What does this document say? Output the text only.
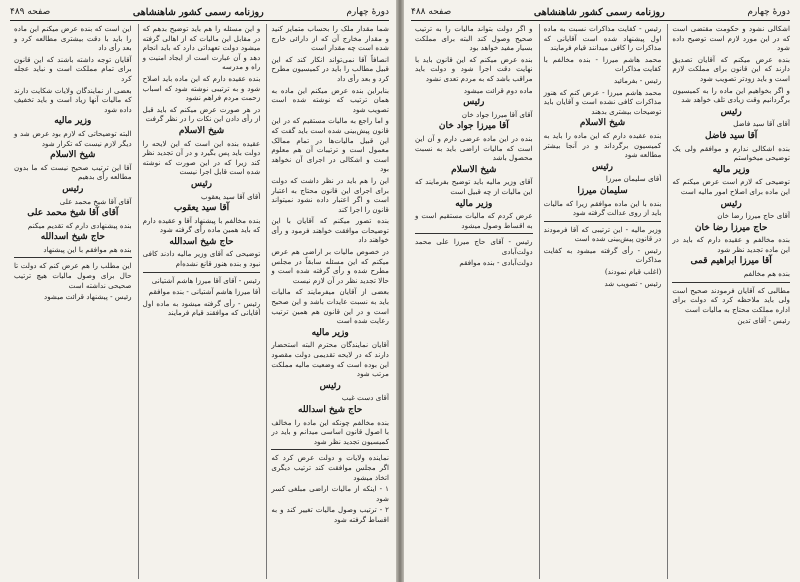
دورهٔ چهارم
روزنامه رسمی کشور شاهنشاهی
صفحه ۴۸۹

شما مقدار ملک را بحساب متمایز کنید و مقدار مخارج آن که از دارائی خارج شده است چه مقدار است

انصافاً آقا نمی‌تواند انکار کند که این قبیل مطالب را باید در کمیسیون مطرح کرد و بعد رأی داد

بنابراین بنده عرض میکنم این ماده به همان ترتیب که نوشته شده است تصویب شود

و اما راجع به مالیات مستقیم که در این قانون پیش‌بینی شده است باید گفت که این قبیل مالیات‌ها در تمام ممالک معمول است و ترتیبات آن هم معلوم است و اشکالی در اجرای آن نخواهد بود

این را هم باید در نظر داشت که دولت برای اجرای این قانون محتاج به اعتبار است و اگر اعتبار داده نشود نمیتواند قانون را اجرا کند

بنده تصور میکنم که آقایان با این توضیحات موافقت خواهند فرمود و رأی خواهند داد

در خصوص مالیات بر اراضی هم عرض میکنم که این مسئله سابقاً در مجلس مطرح شده و رأی گرفته شده است و حالا تجدید نظر در آن لازم نیست

بعضی از آقایان میفرمایند که مالیات باید به نسبت عایدات باشد و این صحیح است و در این قانون هم همین ترتیب رعایت شده است

وزیر مالیه

آقایان نمایندگان محترم البته استحضار دارند که در لایحه تقدیمی دولت مقصود این بوده است که وضعیت مالیه مملکت مرتب شود

رئیس

آقای دست غیب

حاج شیخ اسدالله

بنده مخالفم چونکه این ماده را مخالف با اصول قانون اساسی میدانم و باید در کمیسیون تجدید نظر شود

نماینده ولایات و دولت عرض کرد که اگر مجلس موافقت کند ترتیب دیگری اتخاذ میشود

۱ - اینکه از مالیات اراضی مبلغی کسر شود

۲ - ترتیب وصول مالیات تغییر کند و به اقساط گرفته شود

و این مسئله را هم باید توضیح بدهم که در مقابل این مالیات که از اهالی گرفته میشود دولت تعهداتی دارد که باید انجام دهد و آن عبارت است از ایجاد امنیت و راه و مدرسه

بنده عقیده دارم که این ماده باید اصلاح شود و به ترتیبی نوشته شود که اسباب زحمت مردم فراهم نشود

در هر صورت عرض میکنم که باید قبل از رأی دادن این نکات را در نظر گرفت

شیخ الاسلام

عقیده بنده این است که این لایحه را دولت باید پس بگیرد و در آن تجدید نظر کند زیرا که در این صورت که نوشته شده است قابل اجرا نیست

رئیس

آقای آقا سید یعقوب

آقا سید یعقوب

بنده مخالفم با پیشنهاد آقا و عقیده دارم که باید همین ماده رأی گرفته شود

حاج شیخ اسدالله

توضیحی که آقای وزیر مالیه دادند کافی نبود و بنده هنوز قانع نشده‌ام

رئیس - آقای آقا میرزا هاشم آشتیانی

آقا میرزا هاشم آشتیانی - بنده موافقم

رئیس - رأی گرفته میشود به ماده اول آقایانی که موافقند قیام فرمایند

این است که بنده عرض میکنم این ماده را باید با دقت بیشتری مطالعه کرد و بعد رأی داد

آقایان توجه داشته باشند که این قانون برای تمام مملکت است و نباید عجله کرد

بعضی از نمایندگان ولایات شکایت دارند که مالیات آنها زیاد است و باید تخفیف داده شود

وزیر مالیه

البته توضیحاتی که لازم بود عرض شد و دیگر لازم نیست که تکرار شود

شیخ الاسلام

آقا این ترتیب صحیح نیست که ما بدون مطالعه رأی بدهیم

رئیس

آقای آقا شیخ محمد علی

آقای آقا شیخ محمد علی

بنده پیشنهادی دارم که تقدیم میکنم

حاج شیخ اسدالله

بنده هم موافقم با این پیشنهاد

این مطلب را هم عرض کنم که دولت تا حال برای وصول مالیات هیچ ترتیب صحیحی نداشته است

رئیس - پیشنهاد قرائت میشود

دورهٔ چهارم
روزنامه رسمی کشور شاهنشاهی
صفحه ۴۸۸

اشکالی نشود و حکومت مقتضی است که در این مورد لازم است توضیح داده شود

بنده عرض میکنم که آقایان تصدیق دارند که این قانون برای مملکت لازم است و باید زودتر تصویب شود

و اگر بخواهیم این ماده را به کمیسیون برگردانیم وقت زیادی تلف خواهد شد

رئیس

آقای آقا سید فاضل

آقا سید فاضل

بنده اشکالی ندارم و موافقم ولی یک توضیحی میخواستم

وزیر مالیه

توضیحی که لازم است عرض میکنم که این ماده برای اصلاح امور مالیه است

رئیس

آقای حاج میرزا رضا خان

حاج میرزا رضا خان

بنده مخالفم و عقیده دارم که باید در این ماده تجدید نظر شود

آقا میرزا ابراهیم قمی

بنده هم مخالفم

مطالبی که آقایان فرمودند صحیح است ولی باید ملاحظه کرد که دولت برای اداره مملکت محتاج به مالیات است

رئیس - آقای تدین

رئیس - کفایت مذاکرات نسبت به ماده اول پیشنهاد شده است آقایانی که مذاکرات را کافی میدانند قیام فرمایند

محمد هاشم میرزا - بنده مخالفم با کفایت مذاکرات

رئیس - بفرمائید

محمد هاشم میرزا - عرض کنم که هنوز مذاکرات کافی نشده است و آقایان باید توضیحات بیشتری بدهند

شیخ الاسلام

بنده عقیده دارم که این ماده را باید به کمیسیون برگرداند و در آنجا بیشتر مطالعه شود

رئیس

آقای سلیمان میرزا

سلیمان میرزا

بنده با این ماده موافقم زیرا که مالیات باید از روی عدالت گرفته شود

وزیر مالیه - این ترتیبی که آقا فرمودند در قانون پیش‌بینی شده است

رئیس - رأی گرفته میشود به کفایت مذاکرات

(اغلب قیام نمودند)

رئیس - تصویب شد

و اگر دولت بتواند مالیات را به ترتیب صحیح وصول کند البته برای مملکت بسیار مفید خواهد بود

بنده عرض میکنم که این قانون باید با نهایت دقت اجرا شود و دولت باید مراقب باشد که به مردم تعدی نشود

ماده دوم قرائت میشود

رئیس

آقای آقا میرزا جواد خان

آقا میرزا جواد خان

بنده در این ماده عرضی دارم و آن این است که مالیات اراضی باید به نسبت محصول باشد

شیخ الاسلام

آقای وزیر مالیه باید توضیح بفرمایند که این مالیات از چه قبیل است

وزیر مالیه

عرض کردم که مالیات مستقیم است و به اقساط وصول میشود

رئیس - آقای حاج میرزا علی محمد دولت‌آبادی

دولت‌آبادی - بنده موافقم
